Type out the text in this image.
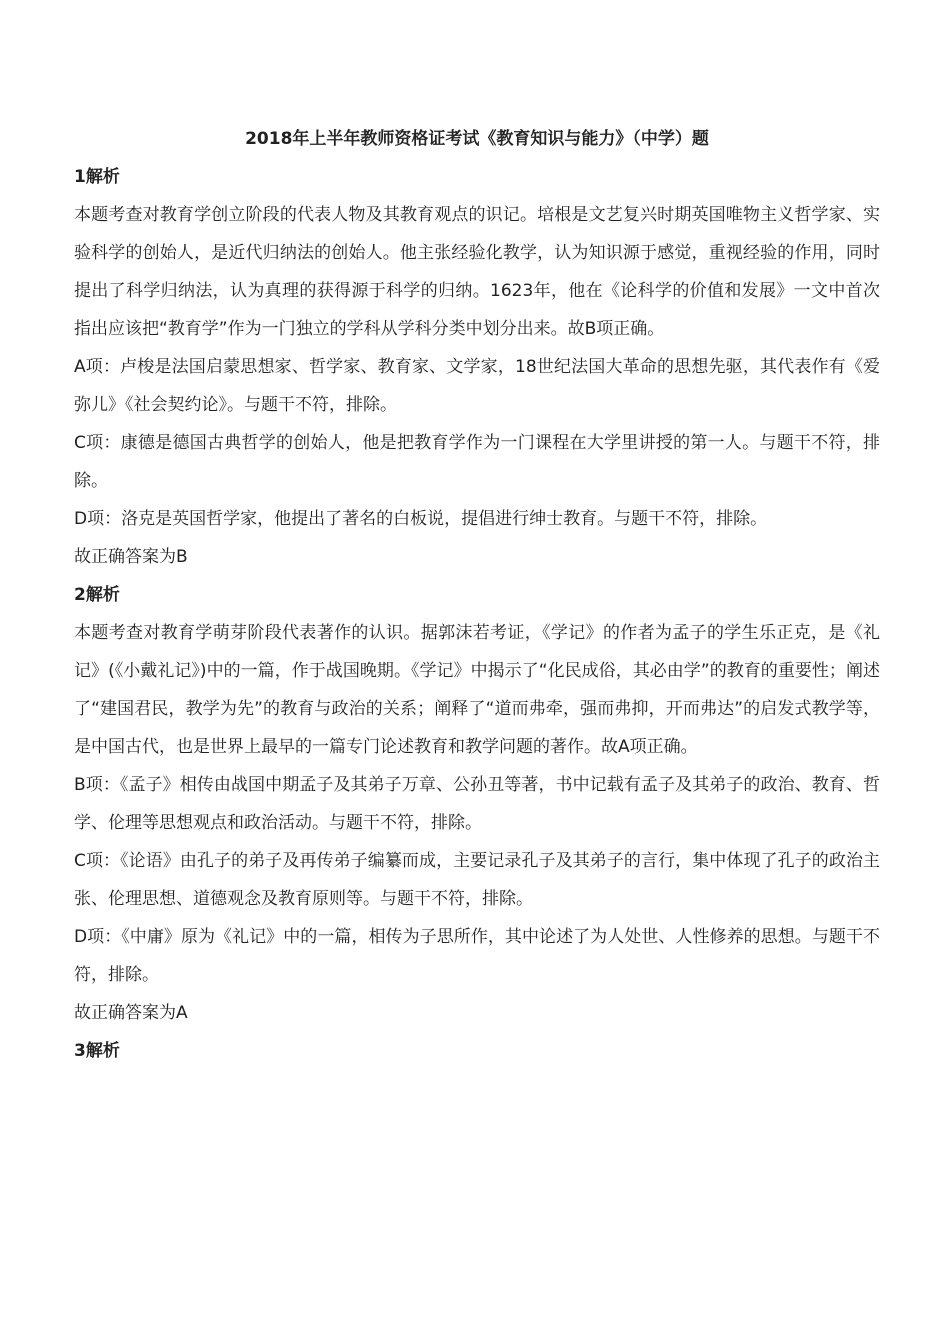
2018年上半年教师资格证考试《教育知识与能力》（中学）题
1解析

本题考查对教育学创立阶段的代表人物及其教育观点的识记。培根是文艺复兴时期英国唯物主义哲学家、实验科学的创始人，是近代归纳法的创始人。他主张经验化教学，认为知识源于感觉，重视经验的作用，同时提出了科学归纳法，认为真理的获得源于科学的归纳。1623年，他在《论科学的价值和发展》一文中首次指出应该把“教育学”作为一门独立的学科从学科分类中划分出来。故B项正确。

A项：卢梭是法国启蒙思想家、哲学家、教育家、文学家，18世纪法国大革命的思想先驱，其代表作有《爱弥儿》《社会契约论》。与题干不符，排除。

C项：康德是德国古典哲学的创始人，他是把教育学作为一门课程在大学里讲授的第一人。与题干不符，排除。

D项：洛克是英国哲学家，他提出了著名的白板说，提倡进行绅士教育。与题干不符，排除。

故正确答案为B

2解析

本题考查对教育学萌芽阶段代表著作的认识。据郭沫若考证，《学记》的作者为孟子的学生乐正克，是《礼记》(《小戴礼记》)中的一篇，作于战国晚期。《学记》中揭示了“化民成俗，其必由学”的教育的重要性；阐述了“建国君民，教学为先”的教育与政治的关系；阐释了“道而弗牵，强而弗抑，开而弗达”的启发式教学等，是中国古代，也是世界上最早的一篇专门论述教育和教学问题的著作。故A项正确。

B项：《孟子》相传由战国中期孟子及其弟子万章、公孙丑等著，书中记载有孟子及其弟子的政治、教育、哲学、伦理等思想观点和政治活动。与题干不符，排除。

C项：《论语》由孔子的弟子及再传弟子编纂而成，主要记录孔子及其弟子的言行，集中体现了孔子的政治主张、伦理思想、道德观念及教育原则等。与题干不符，排除。

D项：《中庸》原为《礼记》中的一篇，相传为子思所作，其中论述了为人处世、人性修养的思想。与题干不符，排除。

故正确答案为A

3解析
